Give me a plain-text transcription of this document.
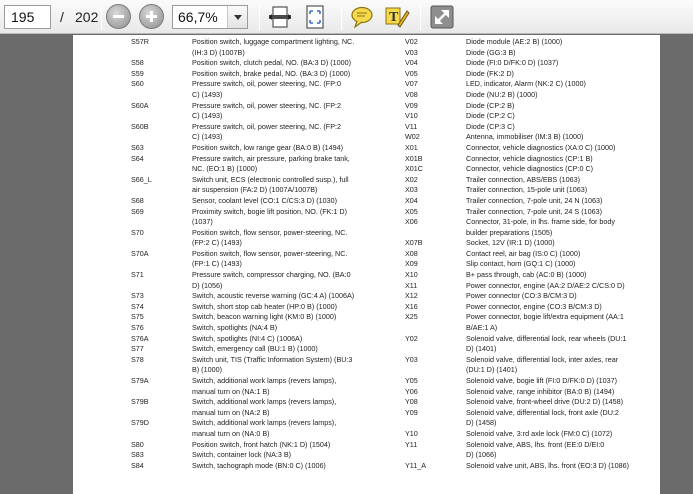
195	/ 202	66,7%	T
S57R	Position switch, luggage compartment lighting, NC.
(IH:3 D) (1007B)
S58	Position switch, clutch pedal, NO. (BA:3 D) (1000)
S59	Position switch, brake pedal, NO. (BA:3 D) (1000)
S60	Pressure switch, oil, power steering, NC. (FP:0
C) (1493)
S60A	Pressure switch, oil, power steering, NC. (FP:2
C) (1493)
S60B	Pressure switch, oil, power steering, NC. (FP:2
C) (1493)
S63	Position switch, low range gear (BA:0 B) (1494)
S64	Pressure switch, air pressure, parking brake tank,
NC. (EO:1 B) (1000)
S66_L	Switch unit, ECS (electronic controlled susp.), full
air suspension (FA:2 D) (1007A/1007B)
S68	Sensor, coolant level (CO:1 C/CS:3 D) (1030)
S69	Proximity switch, bogie lift position, NO. (FK:1 D)
(1037)
S70	Position switch, flow sensor, power-steering, NC.
(FP:2 C) (1493)
S70A	Position switch, flow sensor, power-steering, NC.
(FP:1 C) (1493)
S71	Pressure switch, compressor charging, NO. (BA:0
D) (1056)
S73	Switch, acoustic reverse warning (GC:4 A) (1006A)
S74	Switch, short stop cab heater (HP:0 B) (1000)
S75	Switch, beacon warning light (KM:0 B) (1000)
S76	Switch, spotlights (NA:4 B)
S76A	Switch, spotlights (NI:4 C) (1006A)
S77	Switch, emergency call (BU:1 B) (1000)
S78	Switch unit, TIS (Traffic Information System) (BU:3
B) (1000)
S79A	Switch, additional work lamps (revers lamps),
manual turn on (NA:1 B)
S79B	Switch, additional work lamps (revers lamps),
manual turn on (NA:2 B)
S79D	Switch, additional work lamps (revers lamps),
manual turn on (NA:0 B)
S80	Position switch, front hatch (NK:1 D) (1504)
S83	Switch, container lock (NA:3 B)
S84	Switch, tachograph mode (BN:0 C) (1006)
V02	Diode module (AE:2 B) (1000)
V03	Diode (GG:3 B)
V04	Diode (FI:0 D/FK:0 D) (1037)
V05	Diode (FK:2 D)
V07	LED, indicator, Alarm (NK:2 C) (1000)
V08	Diode (NU:2 B) (1000)
V09	Diode (CP:2 B)
V10	Diode (CP:2 C)
V11	Diode (CP:3 C)
W02	Antenna, immobiliser (IM:3 B) (1000)
X01	Connector, vehicle diagnostics (XA:0 C) (1000)
X01B	Connector, vehicle diagnostics (CP:1 B)
X01C	Connector, vehicle diagnostics (CP:0 C)
X02	Trailer connection, ABS/EBS (1063)
X03	Trailer connection, 15-pole unit (1063)
X04	Trailer connection, 7-pole unit, 24 N (1063)
X05	Trailer connection, 7-pole unit, 24 S (1063)
X06	Connector, 31-pole, in lhs. frame side, for body
builder preparations (1505)
X07B	Socket, 12V (IR:1 D) (1000)
X08	Contact reel, air bag (IS:0 C) (1000)
X09	Slip contact, horn (GQ:1 C) (1000)
X10	B+ pass through, cab (AC:0 B) (1000)
X11	Power connector, engine (AA:2 D/AE:2 C/CS:0 D)
X12	Power connector (CO:3 B/CM:3 D)
X16	Power connector, engine (CO:3 B/CM:3 D)
X25	Power connector, bogie lift/extra equipment (AA:1
B/AE:1 A)
Y02	Solenoid valve, differential lock, rear wheels (DU:1
D) (1401)
Y03	Solenoid valve, differential lock, inter axles, rear
(DU:1 D) (1401)
Y05	Solenoid valve, bogie lift (FI:0 D/FK:0 D) (1037)
Y06	Solenoid valve, range inhibitor (BA:0 B) (1494)
Y08	Solenoid valve, front-wheel drive (DU:2 D) (1458)
Y09	Solenoid valve, differential lock, front axle (DU:2
D) (1458)
Y10	Solenoid valve, 3:rd axle lock (FM:0 C) (1072)
Y11	Solenoid valve, ABS, lhs. front (EE:0 D/EI:0
D) (1066)
Y11_A	Solenoid valve unit, ABS, lhs. front (EO:3 D) (1086)
